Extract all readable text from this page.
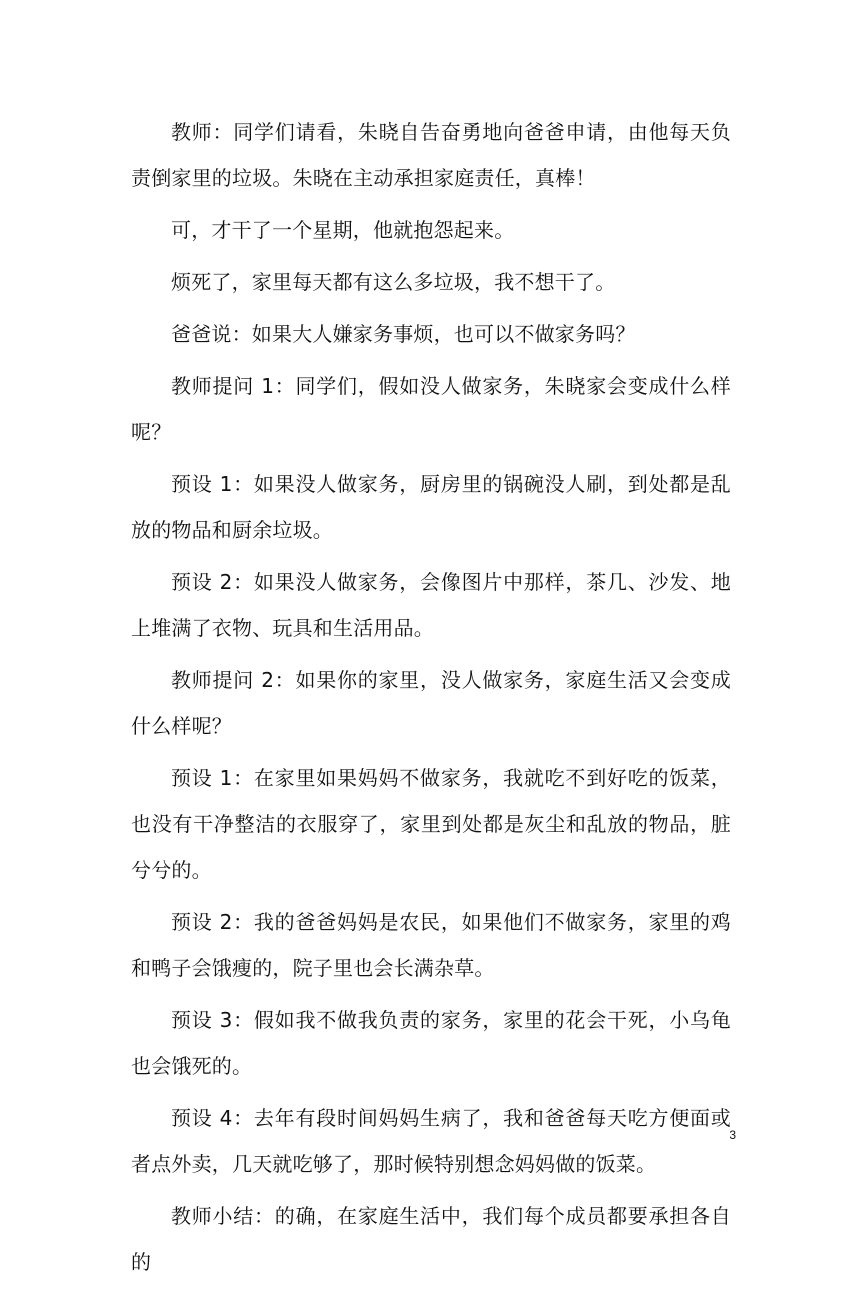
教师：同学们请看，朱晓自告奋勇地向爸爸申请，由他每天负责倒家里的垃圾。朱晓在主动承担家庭责任，真棒！

可，才干了一个星期，他就抱怨起来。

烦死了，家里每天都有这么多垃圾，我不想干了。

爸爸说：如果大人嫌家务事烦，也可以不做家务吗？

教师提问 1：同学们，假如没人做家务，朱晓家会变成什么样呢？

预设 1：如果没人做家务，厨房里的锅碗没人刷，到处都是乱放的物品和厨余垃圾。

预设 2：如果没人做家务，会像图片中那样，茶几、沙发、地上堆满了衣物、玩具和生活用品。

教师提问 2：如果你的家里，没人做家务，家庭生活又会变成什么样呢？

预设 1：在家里如果妈妈不做家务，我就吃不到好吃的饭菜，也没有干净整洁的衣服穿了，家里到处都是灰尘和乱放的物品，脏兮兮的。

预设 2：我的爸爸妈妈是农民，如果他们不做家务，家里的鸡和鸭子会饿瘦的，院子里也会长满杂草。

预设 3：假如我不做我负责的家务，家里的花会干死，小乌龟也会饿死的。

预设 4：去年有段时间妈妈生病了，我和爸爸每天吃方便面或者点外卖，几天就吃够了，那时候特别想念妈妈做的饭菜。

教师小结：的确，在家庭生活中，我们每个成员都要承担各自的

3
